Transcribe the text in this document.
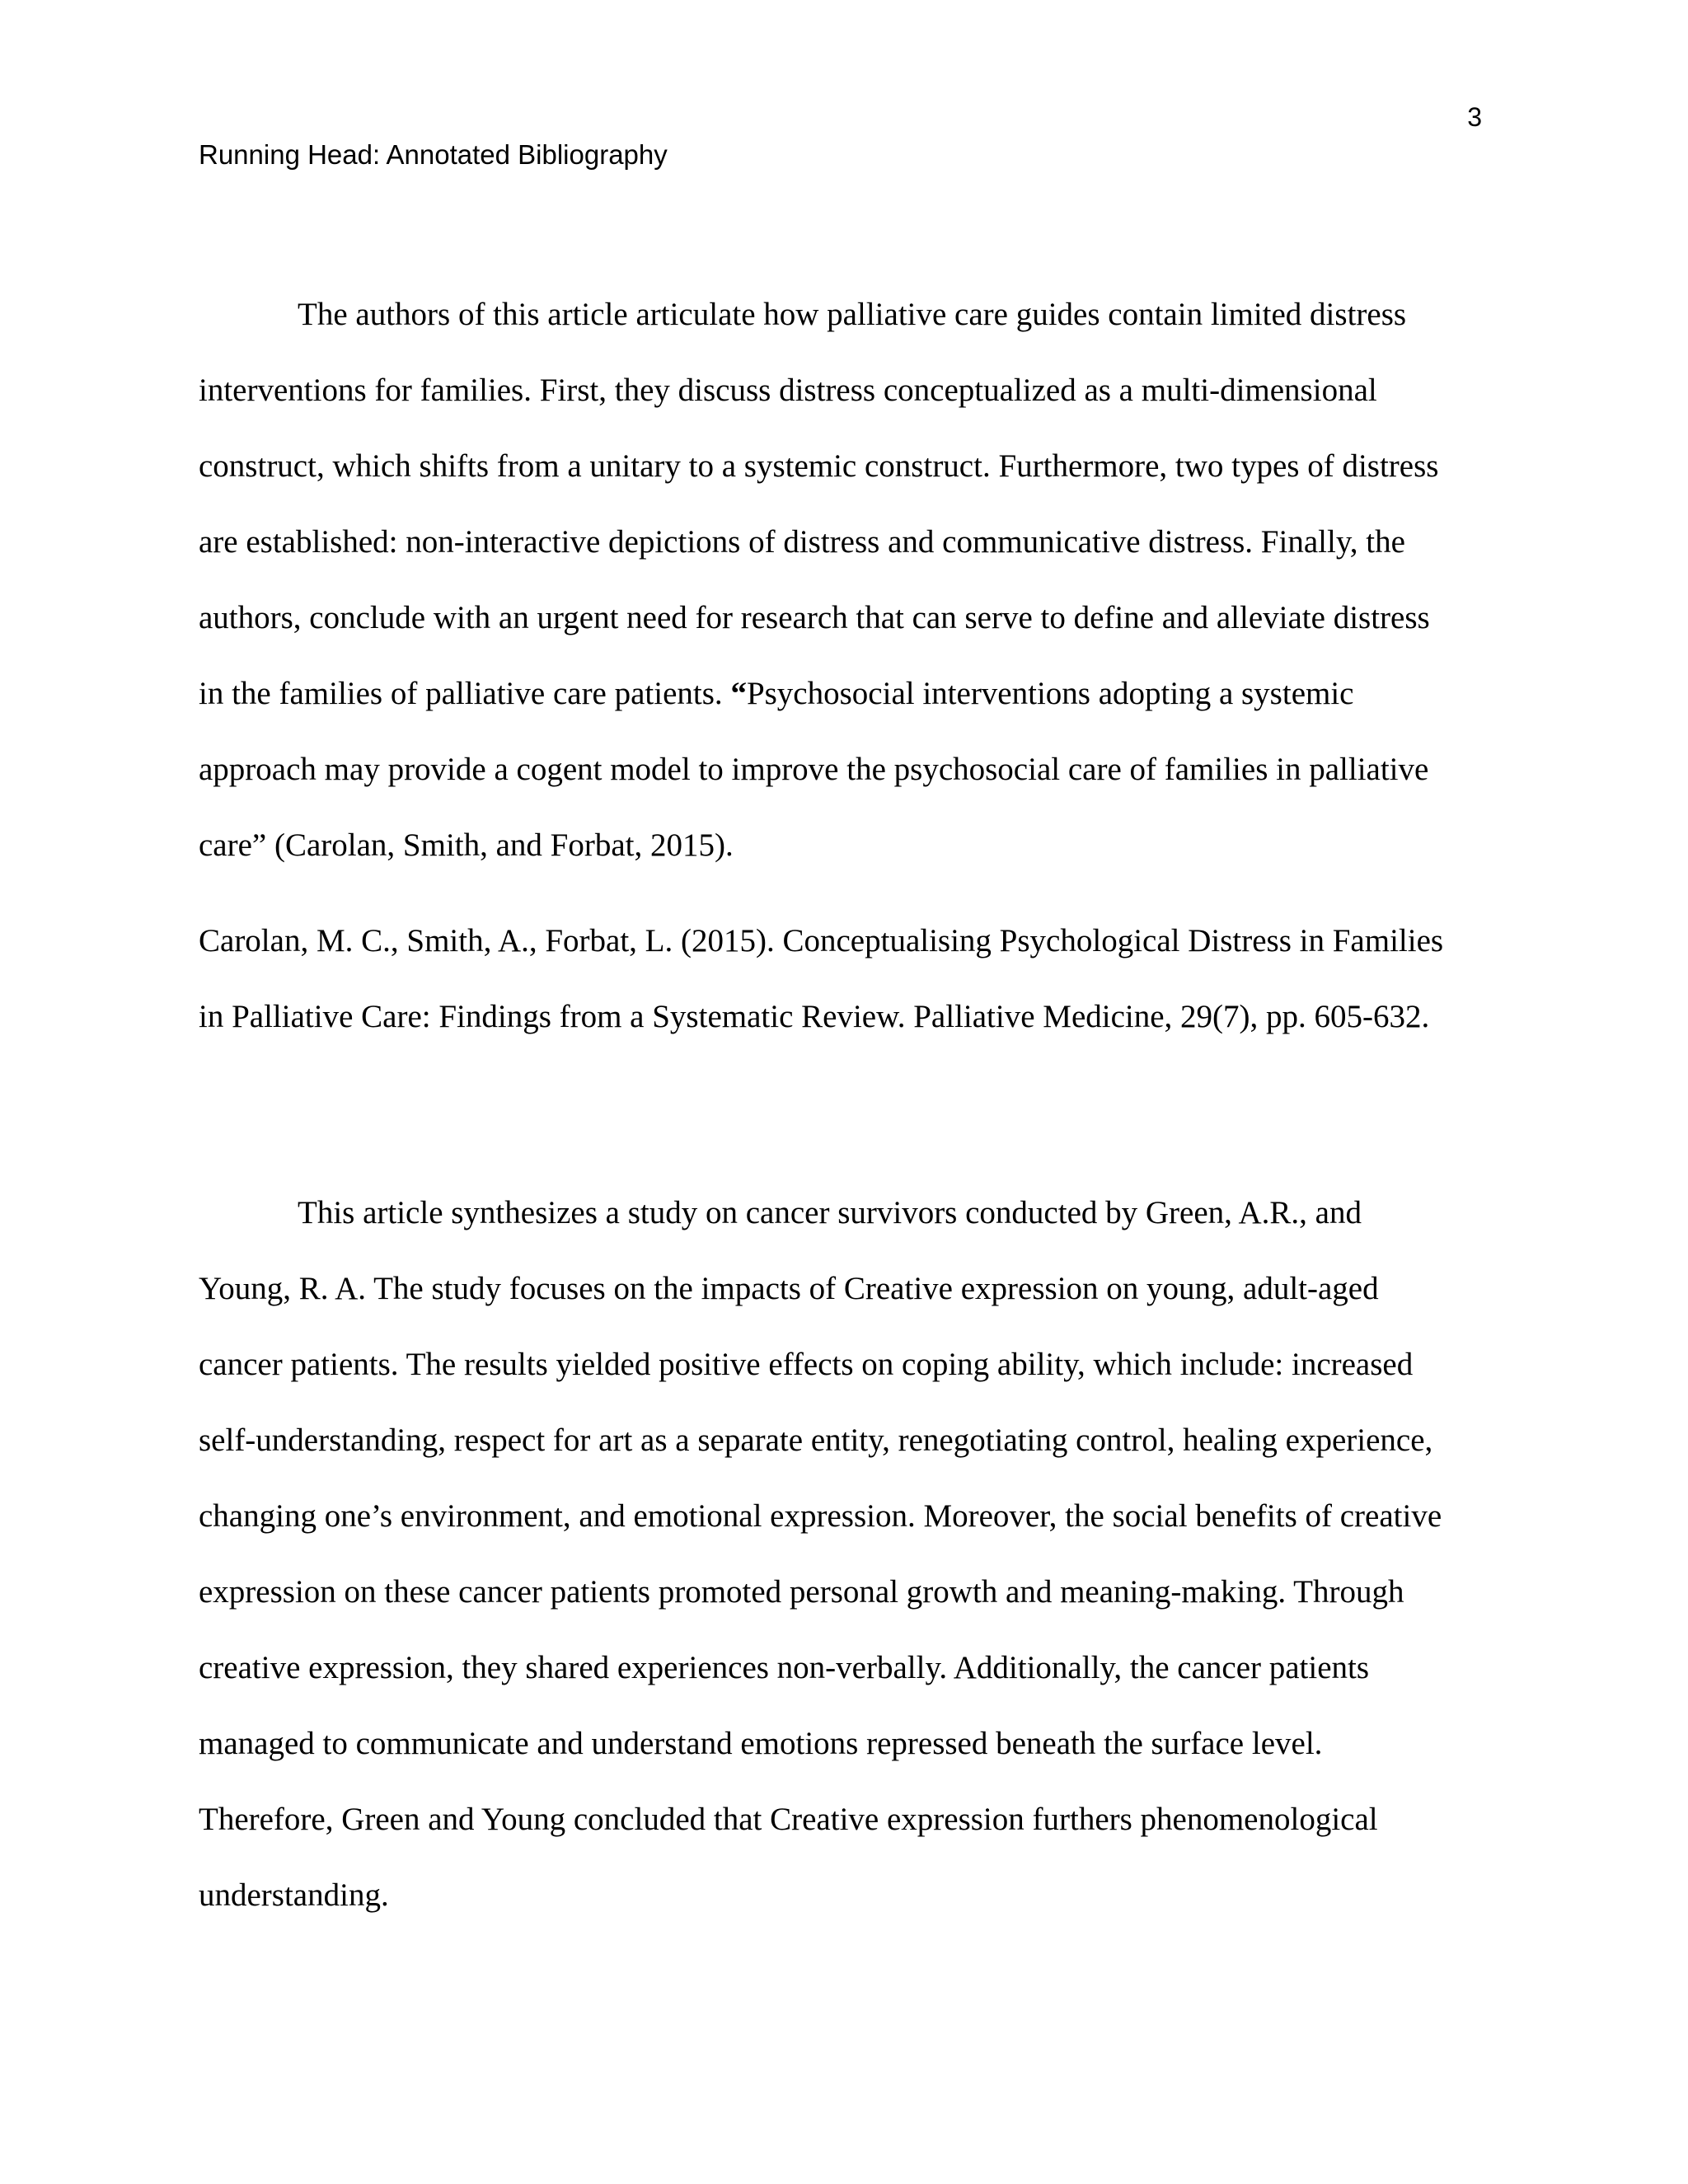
3
Running Head: Annotated Bibliography
The authors of this article articulate how palliative care guides contain limited distress
interventions for families. First, they discuss distress conceptualized as a multi-dimensional
construct, which shifts from a unitary to a systemic construct. Furthermore, two types of distress
are established: non-interactive depictions of distress and communicative distress. Finally, the
authors, conclude with an urgent need for research that can serve to define and alleviate distress
in the families of palliative care patients. “Psychosocial interventions adopting a systemic
approach may provide a cogent model to improve the psychosocial care of families in palliative
care” (Carolan, Smith, and Forbat, 2015).
Carolan, M. C., Smith, A., Forbat, L. (2015). Conceptualising Psychological Distress in Families
in Palliative Care: Findings from a Systematic Review. Palliative Medicine, 29(7), pp. 605-632.
This article synthesizes a study on cancer survivors conducted by Green, A.R., and
Young, R. A. The study focuses on the impacts of Creative expression on young, adult-aged
cancer patients. The results yielded positive effects on coping ability, which include: increased
self-understanding, respect for art as a separate entity, renegotiating control, healing experience,
changing one’s environment, and emotional expression. Moreover, the social benefits of creative
expression on these cancer patients promoted personal growth and meaning-making. Through
creative expression, they shared experiences non-verbally. Additionally, the cancer patients
managed to communicate and understand emotions repressed beneath the surface level.
Therefore, Green and Young concluded that Creative expression furthers phenomenological
understanding.
